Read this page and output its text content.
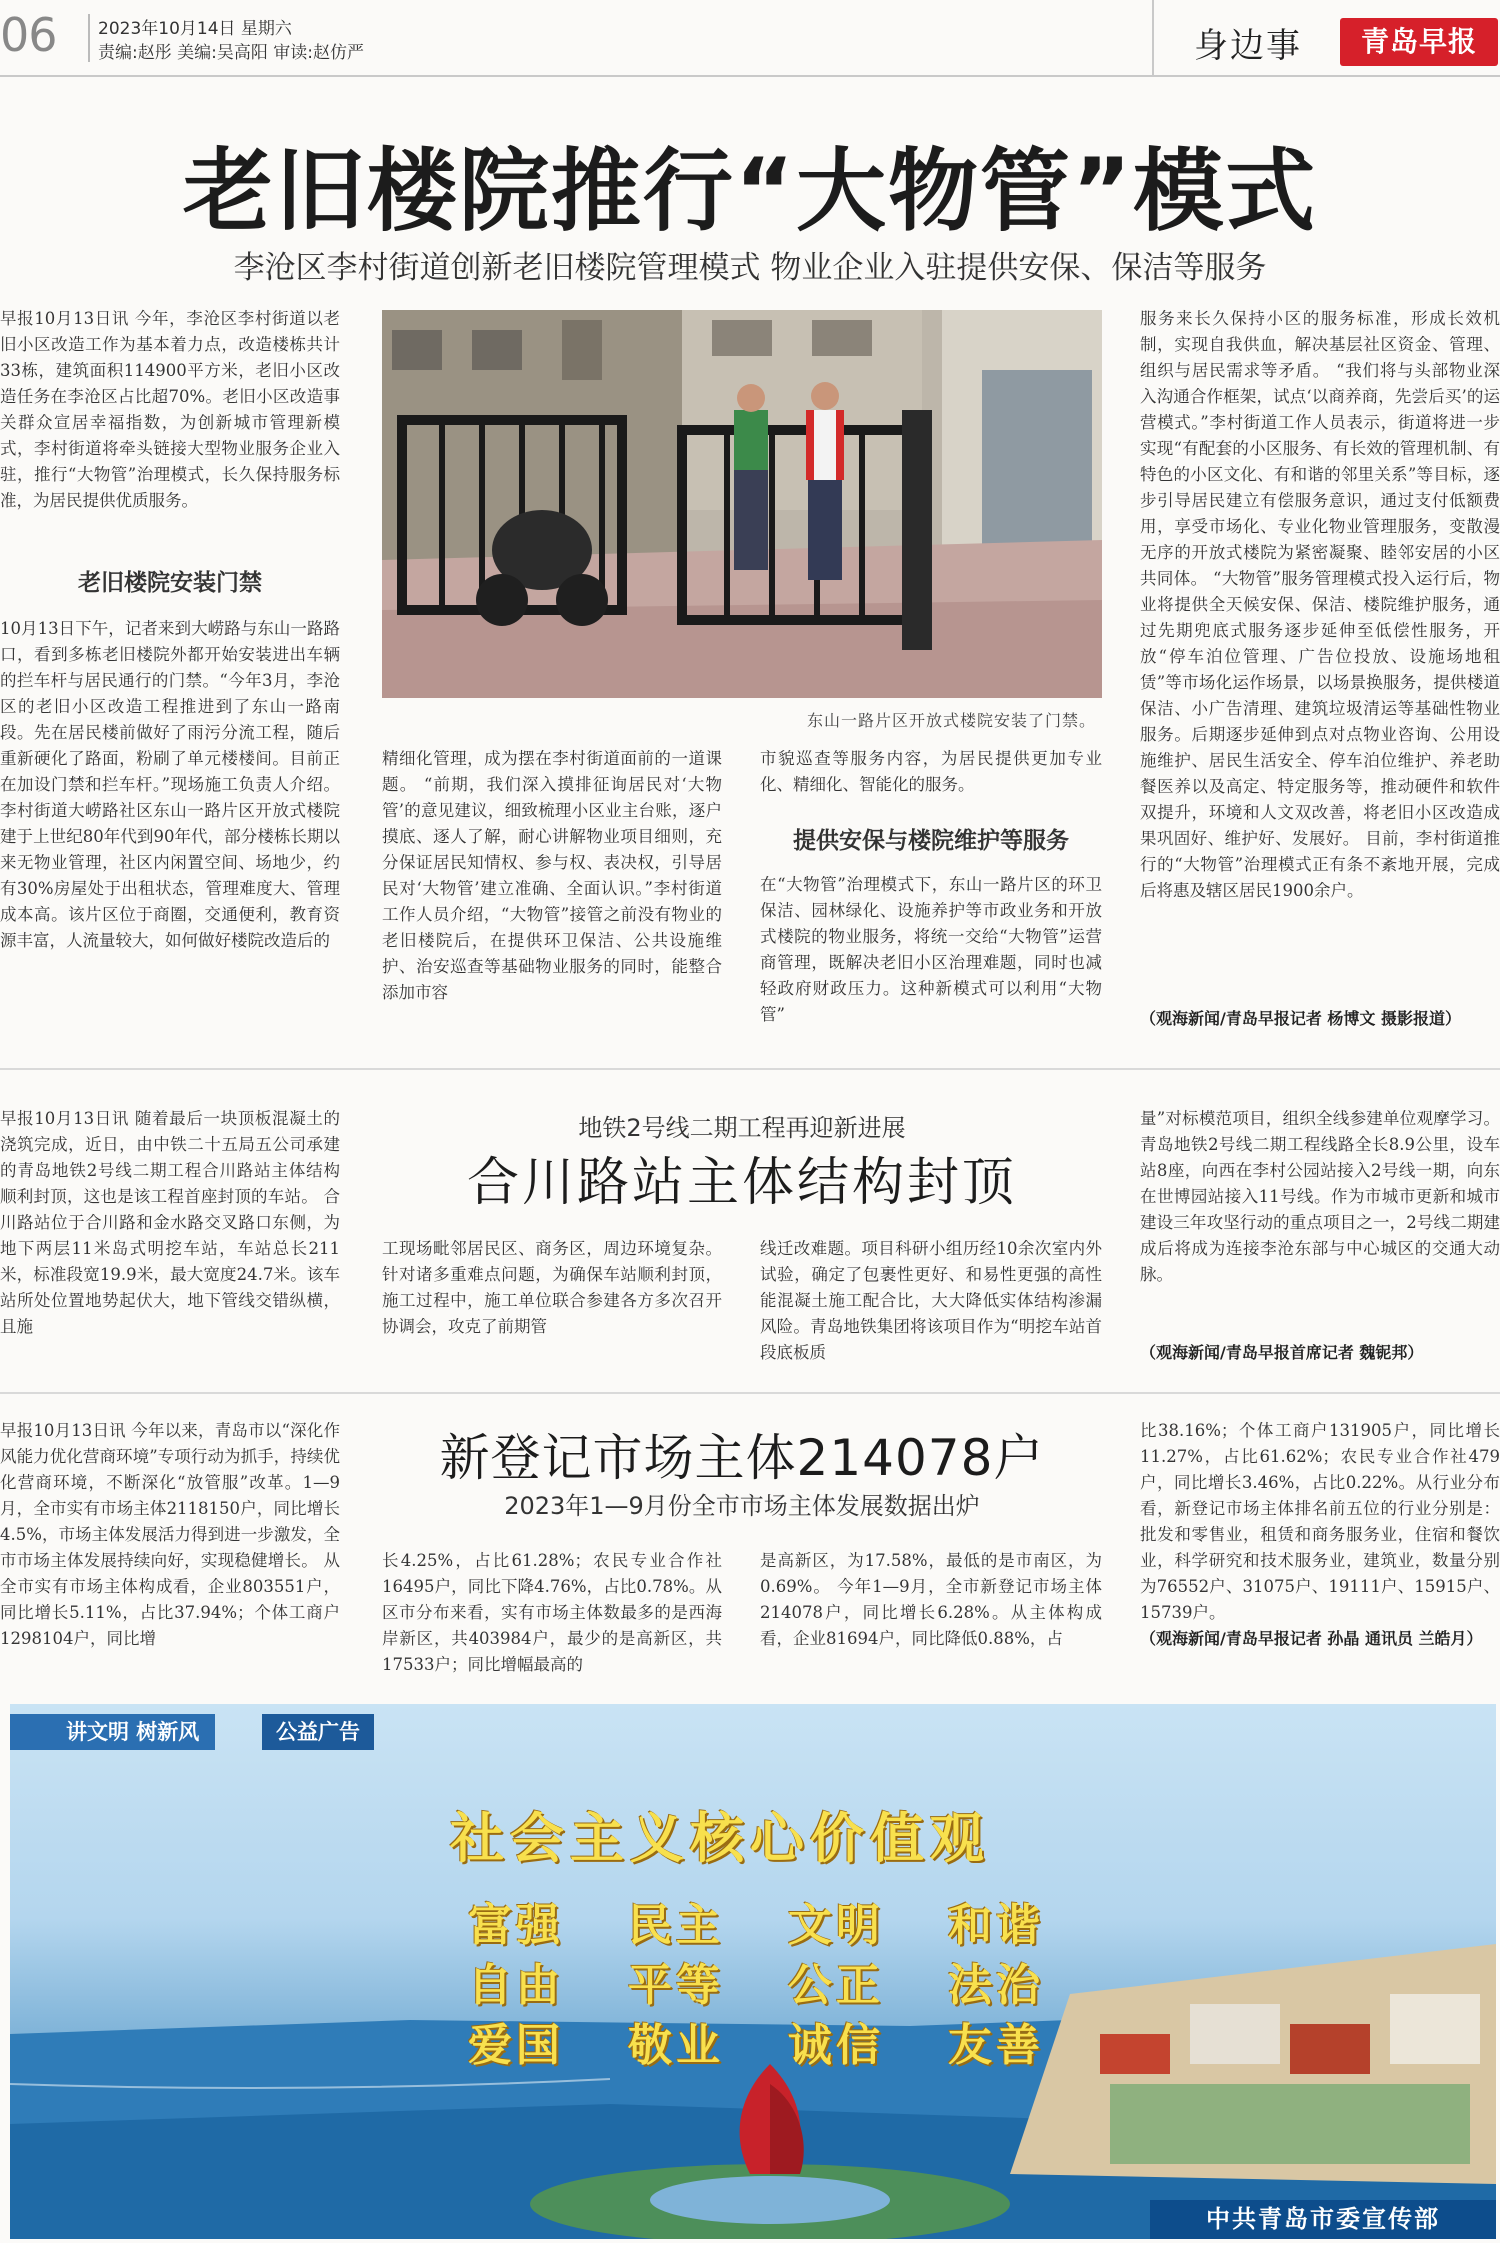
06 2023年10月14日 星期六
责编:赵彤 美编:吴高阳 审读:赵仿严	身边事	青岛早报
老旧楼院推行“大物管”模式
李沧区李村街道创新老旧楼院管理模式 物业企业入驻提供安保、保洁等服务
早报10月13日讯 今年，李沧区李村街道以老旧小区改造工作为基本着力点，改造楼栋共计33栋，建筑面积114900平方米，老旧小区改造任务在李沧区占比超70%。老旧小区改造事关群众宣居幸福指数，为创新城市管理新模式，李村街道将牵头链接大型物业服务企业入驻，推行“大物管”治理模式，长久保持服务标准，为居民提供优质服务。
老旧楼院安装门禁
10月13日下午，记者来到大崂路与东山一路路口，看到多栋老旧楼院外都开始安装进出车辆的拦车杆与居民通行的门禁。“今年3月，李沧区的老旧小区改造工程推进到了东山一路南段。先在居民楼前做好了雨污分流工程，随后重新硬化了路面，粉刷了单元楼楼间。目前正在加设门禁和拦车杆。”现场施工负责人介绍。 李村街道大崂路社区东山一路片区开放式楼院建于上世纪80年代到90年代，部分楼栋长期以来无物业管理，社区内闲置空间、场地少，约有30%房屋处于出租状态，管理难度大、管理成本高。该片区位于商圈，交通便利，教育资源丰富，人流量较大，如何做好楼院改造后的
东山一路片区开放式楼院安装了门禁。
精细化管理，成为摆在李村街道面前的一道课题。 “前期，我们深入摸排征询居民对‘大物管’的意见建议，细致梳理小区业主台账，逐户摸底、逐人了解，耐心讲解物业项目细则，充分保证居民知情权、参与权、表决权，引导居民对‘大物管’建立准确、全面认识。”李村街道工作人员介绍，“大物管”接管之前没有物业的老旧楼院后，在提供环卫保洁、公共设施维护、治安巡查等基础物业服务的同时，能整合添加市容
市貌巡查等服务内容，为居民提供更加专业化、精细化、智能化的服务。
提供安保与楼院维护等服务
在“大物管”治理模式下，东山一路片区的环卫保洁、园林绿化、设施养护等市政业务和开放式楼院的物业服务，将统一交给“大物管”运营商管理，既解决老旧小区治理难题，同时也减轻政府财政压力。这种新模式可以利用“大物管”
服务来长久保持小区的服务标准，形成长效机制，实现自我供血，解决基层社区资金、管理、组织与居民需求等矛盾。 “我们将与头部物业深入沟通合作框架，试点‘以商养商，先尝后买’的运营模式。”李村街道工作人员表示，街道将进一步实现“有配套的小区服务、有长效的管理机制、有特色的小区文化、有和谐的邻里关系”等目标，逐步引导居民建立有偿服务意识，通过支付低额费用，享受市场化、专业化物业管理服务，变散漫无序的开放式楼院为紧密凝聚、睦邻安居的小区共同体。 “大物管”服务管理模式投入运行后，物业将提供全天候安保、保洁、楼院维护服务，通过先期兜底式服务逐步延伸至低偿性服务，开放“停车泊位管理、广告位投放、设施场地租赁”等市场化运作场景，以场景换服务，提供楼道保洁、小广告清理、建筑垃圾清运等基础性物业服务。后期逐步延伸到点对点物业咨询、公用设施维护、居民生活安全、停车泊位维护、养老助餐医养以及高定、特定服务等，推动硬件和软件双提升，环境和人文双改善，将老旧小区改造成果巩固好、维护好、发展好。 目前，李村街道推行的“大物管”治理模式正有条不紊地开展，完成后将惠及辖区居民1900余户。
（观海新闻/青岛早报记者 杨博文 摄影报道）
地铁2号线二期工程再迎新进展
合川路站主体结构封顶
早报10月13日讯 随着最后一块顶板混凝土的浇筑完成，近日，由中铁二十五局五公司承建的青岛地铁2号线二期工程合川路站主体结构顺利封顶，这也是该工程首座封顶的车站。 合川路站位于合川路和金水路交叉路口东侧，为地下两层11米岛式明挖车站，车站总长211米，标准段宽19.9米，最大宽度24.7米。该车站所处位置地势起伏大，地下管线交错纵横，且施
工现场毗邻居民区、商务区，周边环境复杂。 针对诸多重难点问题，为确保车站顺利封顶，施工过程中，施工单位联合参建各方多次召开协调会，攻克了前期管
线迁改难题。项目科研小组历经10余次室内外试验，确定了包裹性更好、和易性更强的高性能混凝土施工配合比，大大降低实体结构渗漏风险。青岛地铁集团将该项目作为“明挖车站首段底板质
量”对标模范项目，组织全线参建单位观摩学习。 青岛地铁2号线二期工程线路全长8.9公里，设车站8座，向西在李村公园站接入2号线一期，向东在世博园站接入11号线。作为市城市更新和城市建设三年攻坚行动的重点项目之一，2号线二期建成后将成为连接李沧东部与中心城区的交通大动脉。
（观海新闻/青岛早报首席记者 魏铌邦）
新登记市场主体214078户
2023年1—9月份全市市场主体发展数据出炉
早报10月13日讯 今年以来，青岛市以“深化作风能力优化营商环境”专项行动为抓手，持续优化营商环境，不断深化“放管服”改革。1—9月，全市实有市场主体2118150户，同比增长4.5%，市场主体发展活力得到进一步激发，全市市场主体发展持续向好，实现稳健增长。 从全市实有市场主体构成看，企业803551户，同比增长5.11%，占比37.94%；个体工商户1298104户，同比增
长4.25%，占比61.28%；农民专业合作社16495户，同比下降4.76%，占比0.78%。从区市分布来看，实有市场主体数最多的是西海岸新区，共403984户，最少的是高新区，共17533户；同比增幅最高的
是高新区，为17.58%，最低的是市南区，为0.69%。 今年1—9月，全市新登记市场主体214078户，同比增长6.28%。从主体构成看，企业81694户，同比降低0.88%，占
比38.16%；个体工商户131905户，同比增长11.27%，占比61.62%；农民专业合作社479户，同比增长3.46%，占比0.22%。从行业分布看，新登记市场主体排名前五位的行业分别是：批发和零售业，租赁和商务服务业，住宿和餐饮业，科学研究和技术服务业，建筑业，数量分别为76552户、31075户、19111户、15915户、15739户。
（观海新闻/青岛早报记者 孙晶 通讯员 兰皓月）
讲文明 树新风	公益广告
社会主义核心价值观
富强	民主	文明	和谐
自由	平等	公正	法治
爱国	敬业	诚信	友善
中共青岛市委宣传部
